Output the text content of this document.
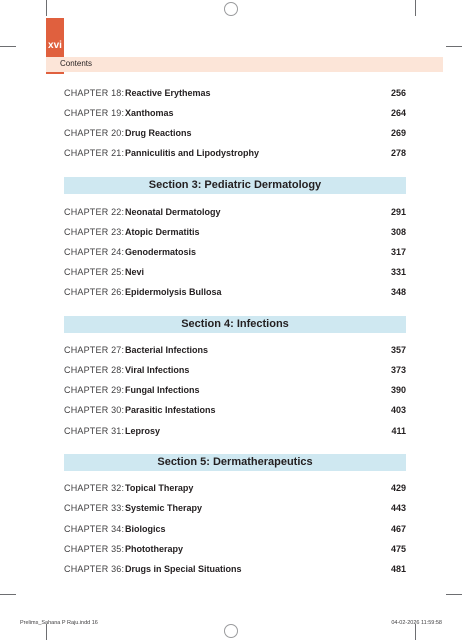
xvi
Contents
CHAPTER 18: Reactive Erythemas	256
CHAPTER 19: Xanthomas	264
CHAPTER 20: Drug Reactions	269
CHAPTER 21: Panniculitis and Lipodystrophy	278
Section 3: Pediatric Dermatology
CHAPTER 22: Neonatal Dermatology	291
CHAPTER 23: Atopic Dermatitis	308
CHAPTER 24: Genodermatosis	317
CHAPTER 25: Nevi	331
CHAPTER 26: Epidermolysis Bullosa	348
Section 4: Infections
CHAPTER 27: Bacterial Infections	357
CHAPTER 28: Viral Infections	373
CHAPTER 29: Fungal Infections	390
CHAPTER 30: Parasitic Infestations	403
CHAPTER 31: Leprosy	411
Section 5: Dermatherapeutics
CHAPTER 32: Topical Therapy	429
CHAPTER 33: Systemic Therapy	443
CHAPTER 34: Biologics	467
CHAPTER 35: Phototherapy	475
CHAPTER 36: Drugs in Special Situations	481
Prelims_Sahana P Raju.indd 16	04-02-2026 11:59:58
